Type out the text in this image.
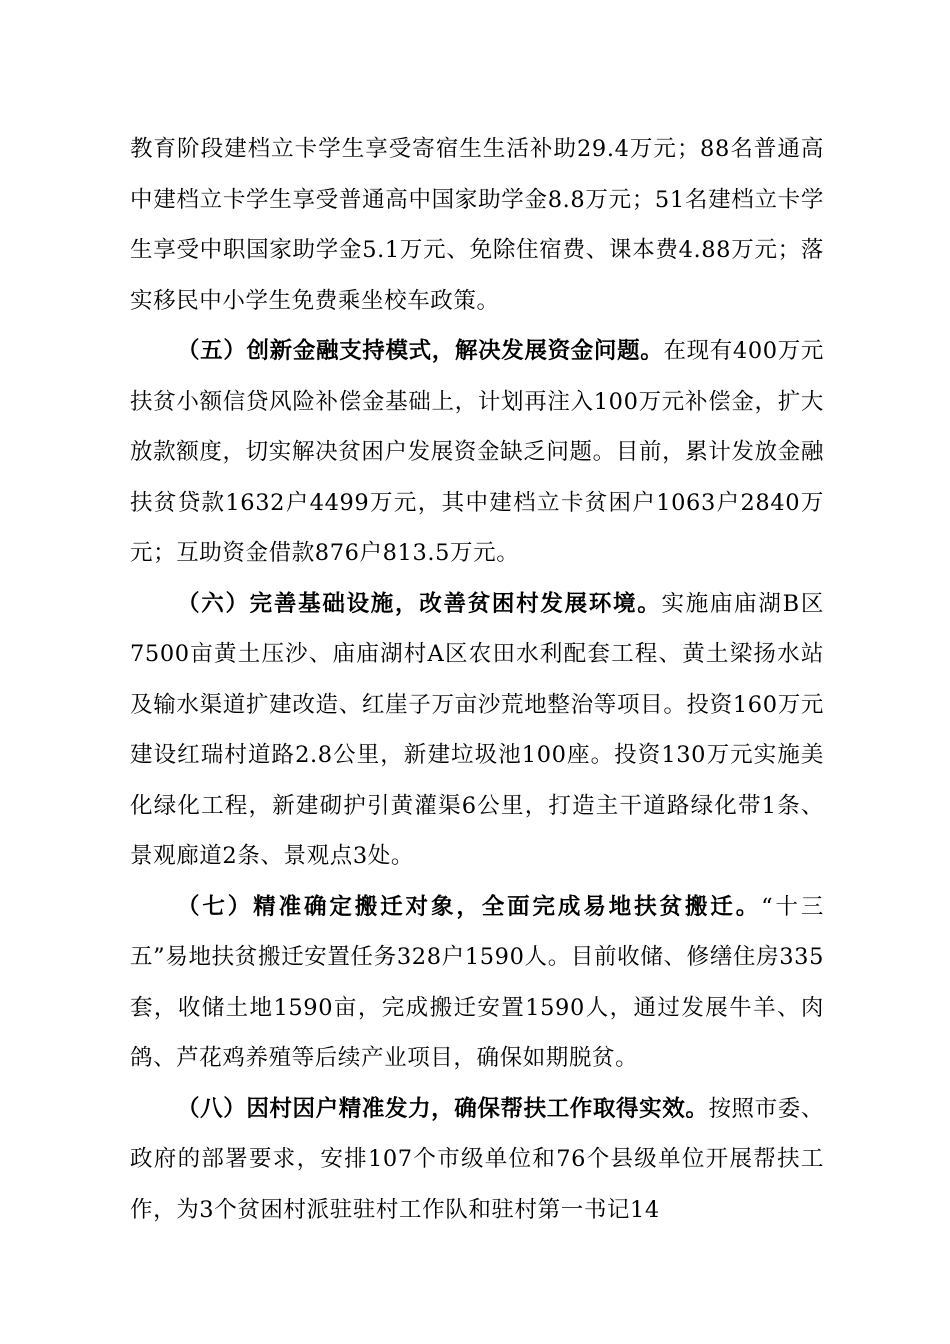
教育阶段建档立卡学生享受寄宿生生活补助29.4万元；88名普通高中建档立卡学生享受普通高中国家助学金8.8万元；51名建档立卡学生享受中职国家助学金5.1万元、免除住宿费、课本费4.88万元；落实移民中小学生免费乘坐校车政策。

（五）创新金融支持模式，解决发展资金问题。在现有400万元扶贫小额信贷风险补偿金基础上，计划再注入100万元补偿金，扩大放款额度，切实解决贫困户发展资金缺乏问题。目前，累计发放金融扶贫贷款1632户4499万元，其中建档立卡贫困户1063户2840万元；互助资金借款876户813.5万元。

（六）完善基础设施，改善贫困村发展环境。实施庙庙湖B区7500亩黄土压沙、庙庙湖村A区农田水利配套工程、黄土梁扬水站及输水渠道扩建改造、红崖子万亩沙荒地整治等项目。投资160万元建设红瑞村道路2.8公里，新建垃圾池100座。投资130万元实施美化绿化工程，新建砌护引黄灌渠6公里，打造主干道路绿化带1条、景观廊道2条、景观点3处。

（七）精准确定搬迁对象，全面完成易地扶贫搬迁。“十三五”易地扶贫搬迁安置任务328户1590人。目前收储、修缮住房335套，收储土地1590亩，完成搬迁安置1590人，通过发展牛羊、肉鸽、芦花鸡养殖等后续产业项目，确保如期脱贫。

（八）因村因户精准发力，确保帮扶工作取得实效。按照市委、政府的部署要求，安排107个市级单位和76个县级单位开展帮扶工作，为3个贫困村派驻驻村工作队和驻村第一书记14
